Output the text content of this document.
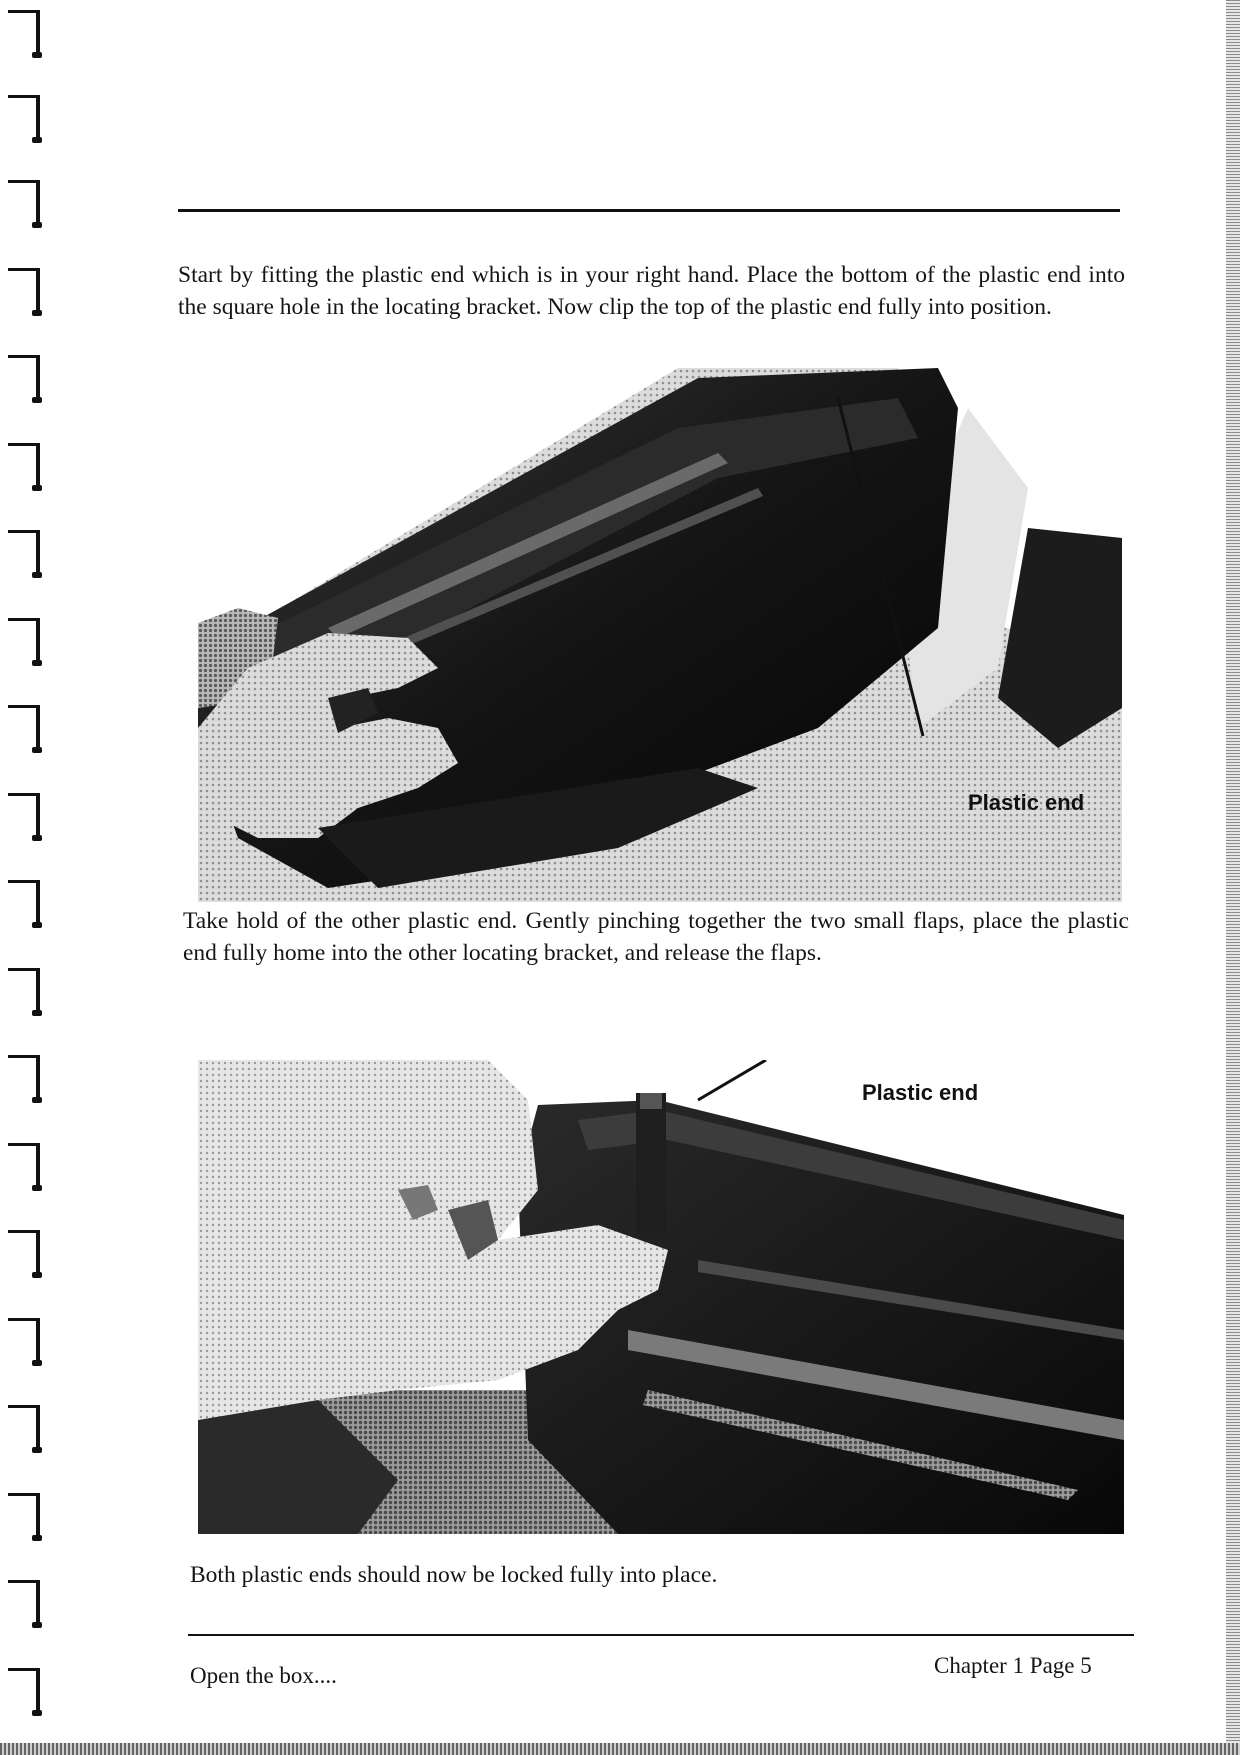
Start by fitting the plastic end which is in your right hand. Place the bottom of the plastic end into the square hole in the locating bracket. Now clip the top of the plastic end fully into position.

Plastic end

Take hold of the other plastic end. Gently pinching together the two small flaps, place the plastic end fully home into the other locating bracket, and release the flaps.

Plastic end

Both plastic ends should now be locked fully into place.

Open the box....	Chapter 1 Page 5
